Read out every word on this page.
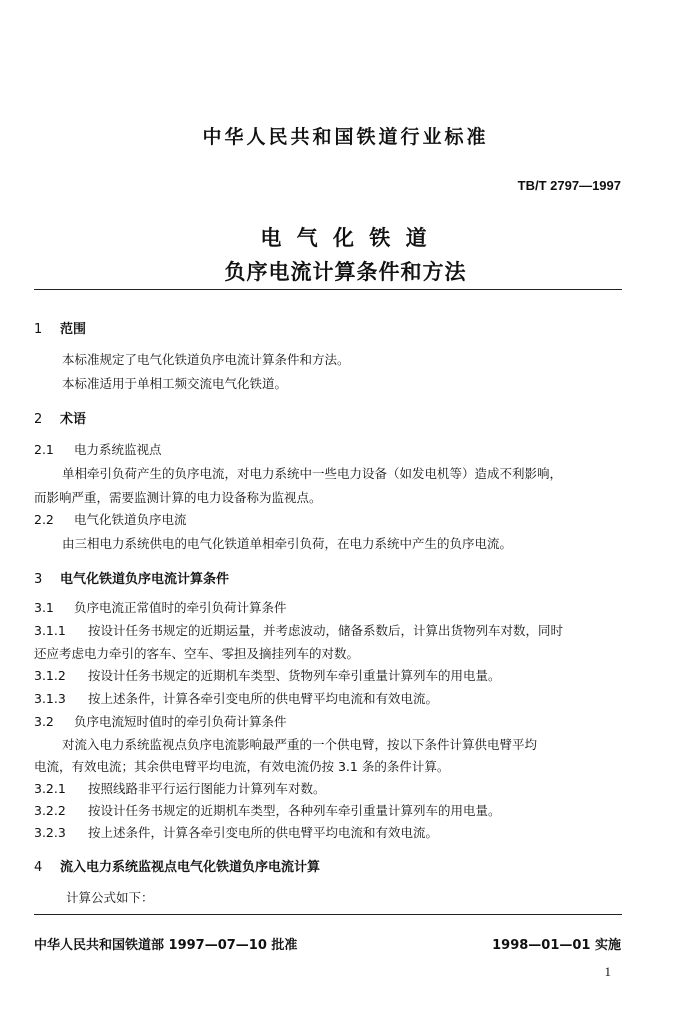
中华人民共和国铁道行业标准
TB/T 2797—1997
电 气 化 铁 道
负序电流计算条件和方法
1 范围
本标准规定了电气化铁道负序电流计算条件和方法。
本标准适用于单相工频交流电气化铁道。
2 术语
2.1 电力系统监视点
单相牵引负荷产生的负序电流，对电力系统中一些电力设备（如发电机等）造成不利影响，
而影响严重，需要监测计算的电力设备称为监视点。
2.2 电气化铁道负序电流
由三相电力系统供电的电气化铁道单相牵引负荷，在电力系统中产生的负序电流。
3 电气化铁道负序电流计算条件
3.1 负序电流正常值时的牵引负荷计算条件
3.1.1 按设计任务书规定的近期运量，并考虑波动，储备系数后，计算出货物列车对数，同时
还应考虑电力牵引的客车、空车、零担及摘挂列车的对数。
3.1.2 按设计任务书规定的近期机车类型、货物列车牵引重量计算列车的用电量。
3.1.3 按上述条件，计算各牵引变电所的供电臂平均电流和有效电流。
3.2 负序电流短时值时的牵引负荷计算条件
对流入电力系统监视点负序电流影响最严重的一个供电臂，按以下条件计算供电臂平均
电流，有效电流；其余供电臂平均电流，有效电流仍按 3.1 条的条件计算。
3.2.1 按照线路非平行运行图能力计算列车对数。
3.2.2 按设计任务书规定的近期机车类型，各种列车牵引重量计算列车的用电量。
3.2.3 按上述条件，计算各牵引变电所的供电臂平均电流和有效电流。
4 流入电力系统监视点电气化铁道负序电流计算
计算公式如下：
中华人民共和国铁道部 1997—07—10 批准	1998—01—01 实施
1
